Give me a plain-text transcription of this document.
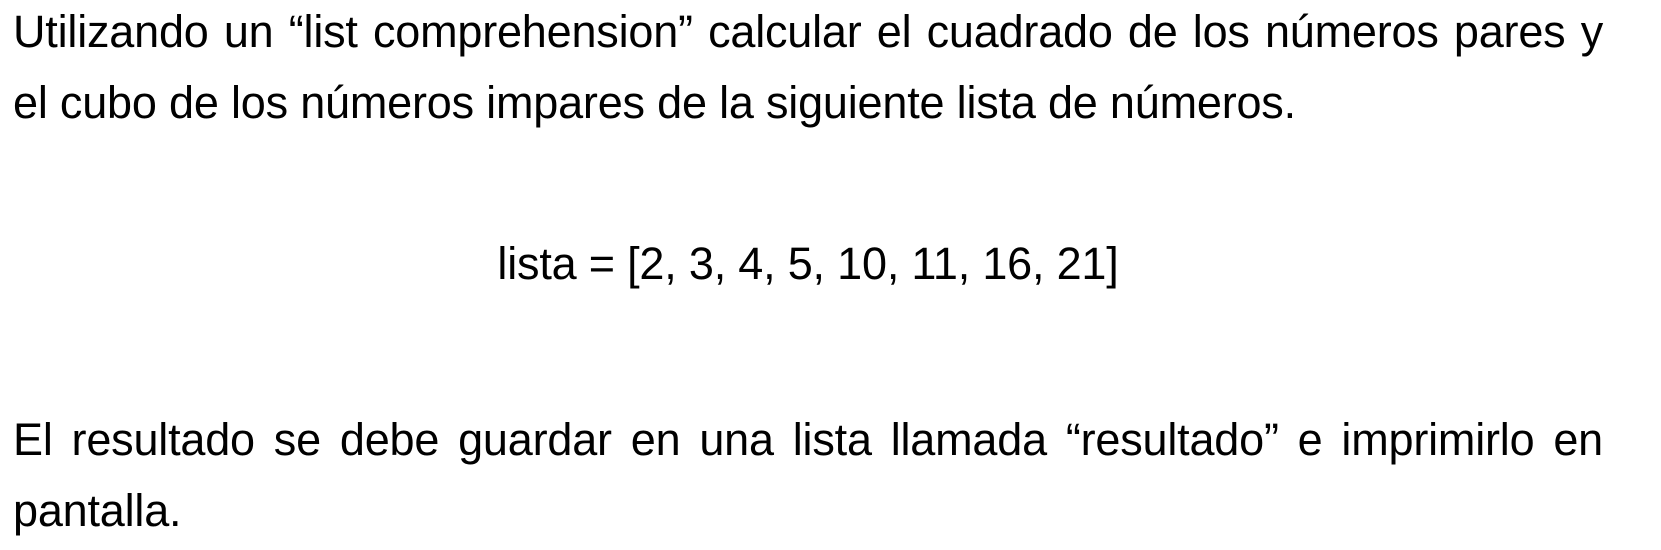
Utilizando un “list comprehension” calcular el cuadrado de los números pares y el cubo de los números impares de la siguiente lista de números.

lista = [2, 3, 4, 5, 10, 11, 16, 21]

El resultado se debe guardar en una lista llamada “resultado” e imprimirlo en pantalla.
